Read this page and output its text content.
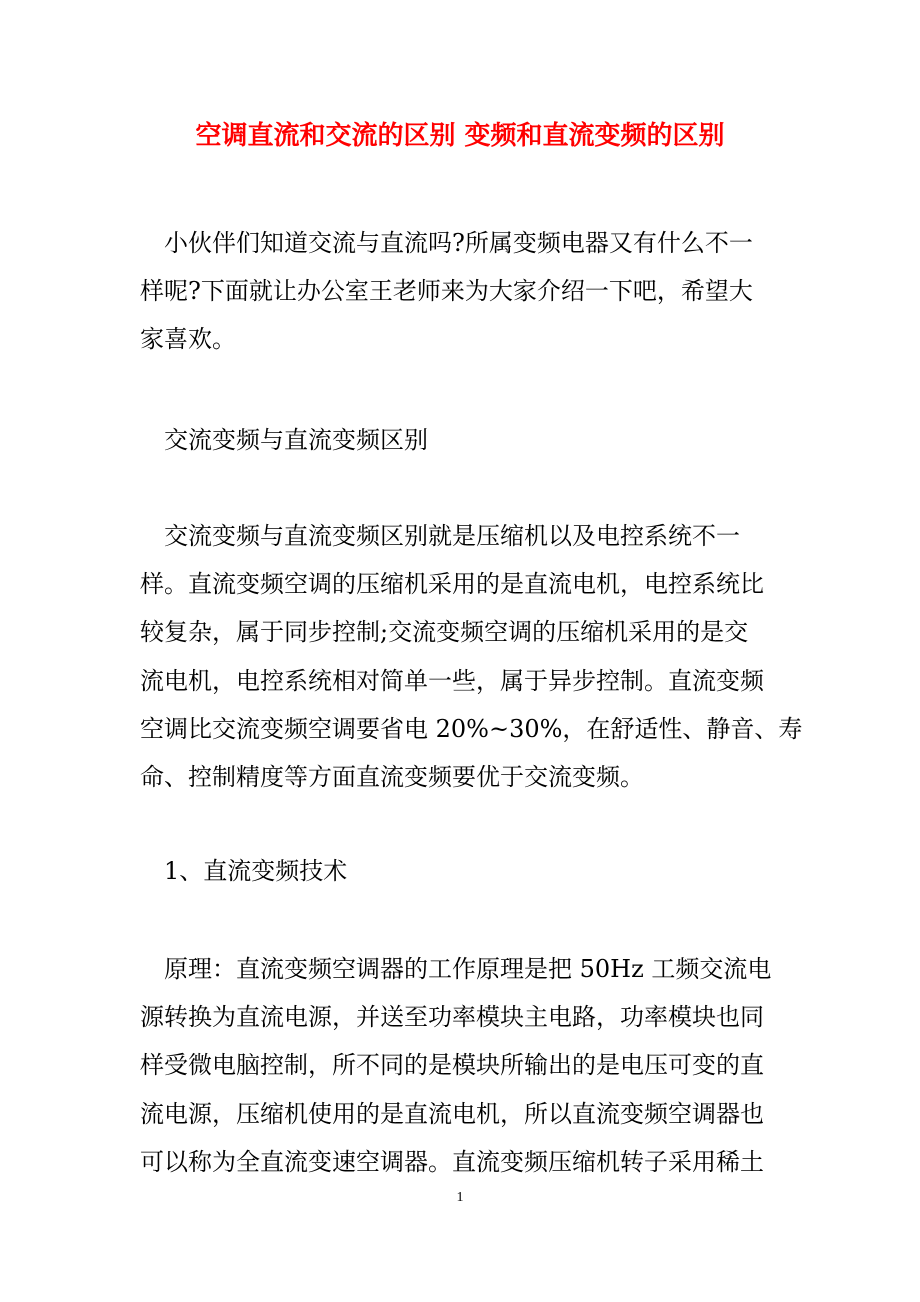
空调直流和交流的区别 变频和直流变频的区别
小伙伴们知道交流与直流吗?所属变频电器又有什么不一
样呢?下面就让办公室王老师来为大家介绍一下吧，希望大
家喜欢。
交流变频与直流变频区别
交流变频与直流变频区别就是压缩机以及电控系统不一
样。直流变频空调的压缩机采用的是直流电机，电控系统比
较复杂，属于同步控制;交流变频空调的压缩机采用的是交
流电机，电控系统相对简单一些，属于异步控制。直流变频
空调比交流变频空调要省电 20%~30%，在舒适性、静音、寿
命、控制精度等方面直流变频要优于交流变频。
1、直流变频技术
原理：直流变频空调器的工作原理是把 50Hz 工频交流电
源转换为直流电源，并送至功率模块主电路，功率模块也同
样受微电脑控制，所不同的是模块所输出的是电压可变的直
流电源，压缩机使用的是直流电机，所以直流变频空调器也
可以称为全直流变速空调器。直流变频压缩机转子采用稀土
1
